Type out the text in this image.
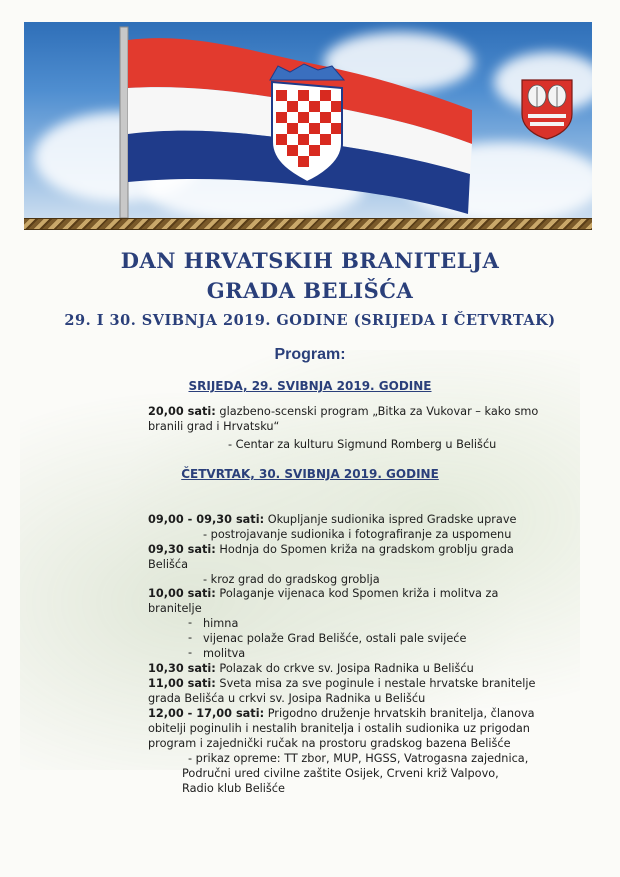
DAN HRVATSKIH BRANITELJA
GRADA BELIŠĆA
29. I 30. SVIBNJA 2019. GODINE (SRIJEDA I ČETVRTAK)
Program:
SRIJEDA, 29. SVIBNJA 2019. GODINE
20,00 sati: glazbeno-scenski program „Bitka za Vukovar – kako smo
branili grad i Hrvatsku“
- Centar za kulturu Sigmund Romberg u Belišću
ČETVRTAK, 30. SVIBNJA 2019. GODINE
09,00 - 09,30 sati: Okupljanje sudionika ispred Gradske uprave
- postrojavanje sudionika i fotografiranje za uspomenu
09,30 sati: Hodnja do Spomen križa na gradskom groblju grada
Belišća
- kroz grad do gradskog groblja
10,00 sati: Polaganje vijenaca kod Spomen križa i molitva za
branitelje
- himna
- vijenac polaže Grad Belišće, ostali pale svijeće
- molitva
10,30 sati: Polazak do crkve sv. Josipa Radnika u Belišću
11,00 sati: Sveta misa za sve poginule i nestale hrvatske branitelje
grada Belišća u crkvi sv. Josipa Radnika u Belišću
12,00 - 17,00 sati: Prigodno druženje hrvatskih branitelja, članova
obitelji poginulih i nestalih branitelja i ostalih sudionika uz prigodan
program i zajednički ručak na prostoru gradskog bazena Belišće
- prikaz opreme: TT zbor, MUP, HGSS, Vatrogasna zajednica,
Područni ured civilne zaštite Osijek, Crveni križ Valpovo,
Radio klub Belišće
